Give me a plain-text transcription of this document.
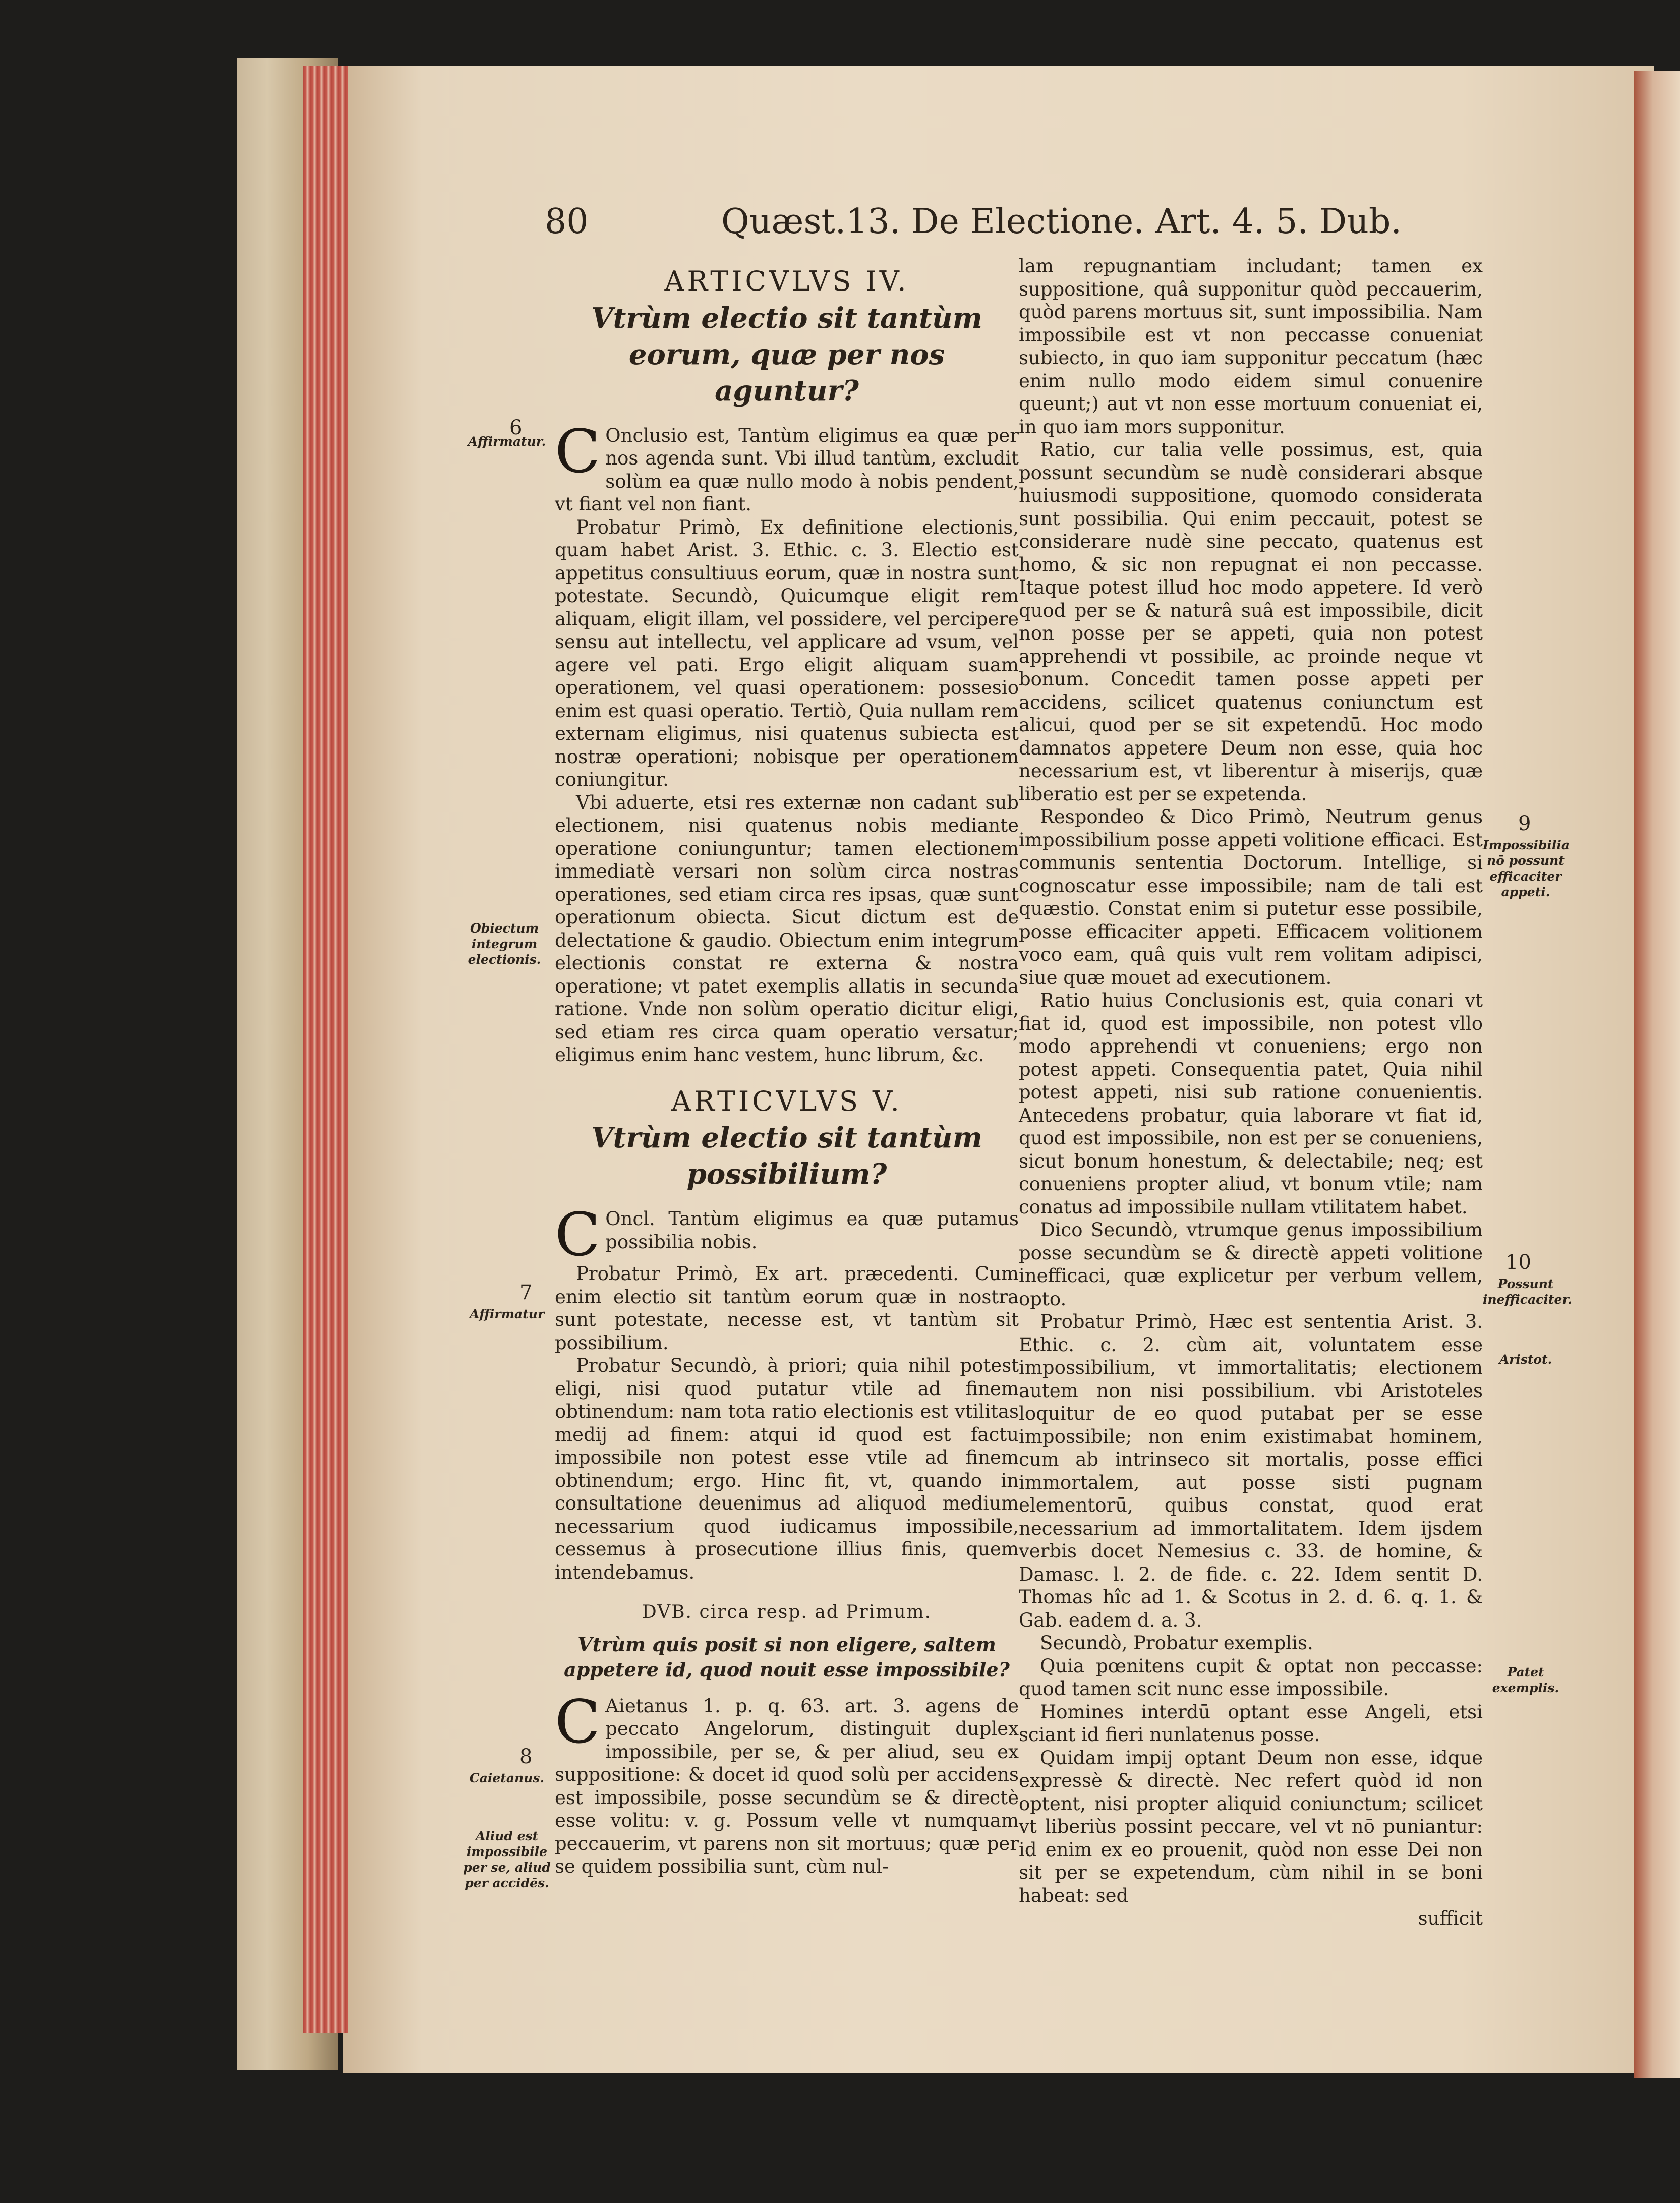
80	Quæst.13. De Electione. Art. 4. 5. Dub.
ARTICVLVS IV.
Vtrùm electio sit tantùm eorum, quæ per nos aguntur?

C Onclusio est, Tantùm eligimus ea quæ per nos agenda sunt. Vbi illud tantùm, excludit solùm ea quæ nullo modo à nobis pendent, vt fiant vel non fiant.

Probatur Primò, Ex definitione electionis, quam habet Arist. 3. Ethic. c. 3. Electio est appetitus consultiuus eorum, quæ in nostra sunt potestate. Secundò, Quicumque eligit rem aliquam, eligit illam, vel possidere, vel percipere sensu aut intellectu, vel applicare ad vsum, vel agere vel pati. Ergo eligit aliquam suam operationem, vel quasi operationem: possesio enim est quasi operatio. Tertiò, Quia nullam rem externam eligimus, nisi quatenus subiecta est nostræ operationi; nobisque per operationem coniungitur.

Vbi aduerte, etsi res externæ non cadant sub electionem, nisi quatenus nobis mediante operatione coniunguntur; tamen electionem immediatè versari non solùm circa nostras operationes, sed etiam circa res ipsas, quæ sunt operationum obiecta. Sicut dictum est de delectatione & gaudio. Obiectum enim integrum electionis constat re externa & nostra operatione; vt patet exemplis allatis in secunda ratione. Vnde non solùm operatio dicitur eligi, sed etiam res circa quam operatio versatur; eligimus enim hanc vestem, hunc librum, &c.

ARTICVLVS V.
Vtrùm electio sit tantùm possibilium?

C Oncl. Tantùm eligimus ea quæ putamus possibilia nobis.

Probatur Primò, Ex art. præcedenti. Cum enim electio sit tantùm eorum quæ in nostra sunt potestate, necesse est, vt tantùm sit possibilium.

Probatur Secundò, à priori; quia nihil potest eligi, nisi quod putatur vtile ad finem obtinendum: nam tota ratio electionis est vtilitas medij ad finem: atqui id quod est factu impossibile non potest esse vtile ad finem obtinendum; ergo. Hinc fit, vt, quando in consultatione deuenimus ad aliquod medium necessarium quod iudicamus impossibile, cessemus à prosecutione illius finis, quem intendebamus.

DVB. circa resp. ad Primum.
Vtrùm quis posit si non eligere, saltem appetere id, quod nouit esse impossibile?

C Aietanus 1. p. q. 63. art. 3. agens de peccato Angelorum, distinguit duplex impossibile, per se, & per aliud, seu ex suppositione: & docet id quod solù per accidens est impossibile, posse secundùm se & directè esse volitu: v. g. Possum velle vt numquam peccauerim, vt parens non sit mortuus; quæ per se quidem possibilia sunt, cùm nul-

lam repugnantiam includant; tamen ex suppositione, quâ supponitur quòd peccauerim, quòd parens mortuus sit, sunt impossibilia. Nam impossibile est vt non peccasse conueniat subiecto, in quo iam supponitur peccatum (hæc enim nullo modo eidem simul conuenire queunt;) aut vt non esse mortuum conueniat ei, in quo iam mors supponitur.

Ratio, cur talia velle possimus, est, quia possunt secundùm se nudè considerari absque huiusmodi suppositione, quomodo considerata sunt possibilia. Qui enim peccauit, potest se considerare nudè sine peccato, quatenus est homo, & sic non repugnat ei non peccasse. Itaque potest illud hoc modo appetere. Id verò quod per se & naturâ suâ est impossibile, dicit non posse per se appeti, quia non potest apprehendi vt possibile, ac proinde neque vt bonum. Concedit tamen posse appeti per accidens, scilicet quatenus coniunctum est alicui, quod per se sit expetendū. Hoc modo damnatos appetere Deum non esse, quia hoc necessarium est, vt liberentur à miserijs, quæ liberatio est per se expetenda.

Respondeo & Dico Primò, Neutrum genus impossibilium posse appeti volitione efficaci. Est communis sententia Doctorum. Intellige, si cognoscatur esse impossibile; nam de tali est quæstio. Constat enim si putetur esse possibile, posse efficaciter appeti. Efficacem volitionem voco eam, quâ quis vult rem volitam adipisci, siue quæ mouet ad executionem.

Ratio huius Conclusionis est, quia conari vt fiat id, quod est impossibile, non potest vllo modo apprehendi vt conueniens; ergo non potest appeti. Consequentia patet, Quia nihil potest appeti, nisi sub ratione conuenientis. Antecedens probatur, quia laborare vt fiat id, quod est impossibile, non est per se conueniens, sicut bonum honestum, & delectabile; neq; est conueniens propter aliud, vt bonum vtile; nam conatus ad impossibile nullam vtilitatem habet.

Dico Secundò, vtrumque genus impossibilium posse secundùm se & directè appeti volitione inefficaci, quæ explicetur per verbum vellem, opto.

Probatur Primò, Hæc est sententia Arist. 3. Ethic. c. 2. cùm ait, voluntatem esse impossibilium, vt immortalitatis; electionem autem non nisi possibilium. vbi Aristoteles loquitur de eo quod putabat per se esse impossibile; non enim existimabat hominem, cum ab intrinseco sit mortalis, posse effici immortalem, aut posse sisti pugnam elementorū, quibus constat, quod erat necessarium ad immortalitatem. Idem ijsdem verbis docet Nemesius c. 33. de homine, & Damasc. l. 2. de fide. c. 22. Idem sentit D. Thomas hîc ad 1. & Scotus in 2. d. 6. q. 1. & Gab. eadem d. a. 3.

Secundò, Probatur exemplis.

Quia pœnitens cupit & optat non peccasse: quod tamen scit nunc esse impossibile.

Homines interdū optant esse Angeli, etsi sciant id fieri nunlatenus posse.

Quidam impij optant Deum non esse, idque expressè & directè. Nec refert quòd id non optent, nisi propter aliquid coniunctum; scilicet vt liberiùs possint peccare, vel vt nō puniantur: id enim ex eo prouenit, quòd non esse Dei non sit per se expetendum, cùm nihil in se boni habeat: sed

sufficit

6
Affirmatur.
Obiectum integrum electionis.
7
Affirmatur
8
Caietanus.
Aliud est impossibile per se, aliud per accidēs.
9
Impossibilia nō possunt efficaciter appeti.
10
Possunt inefficaciter.
Aristot.
Patet exemplis.
